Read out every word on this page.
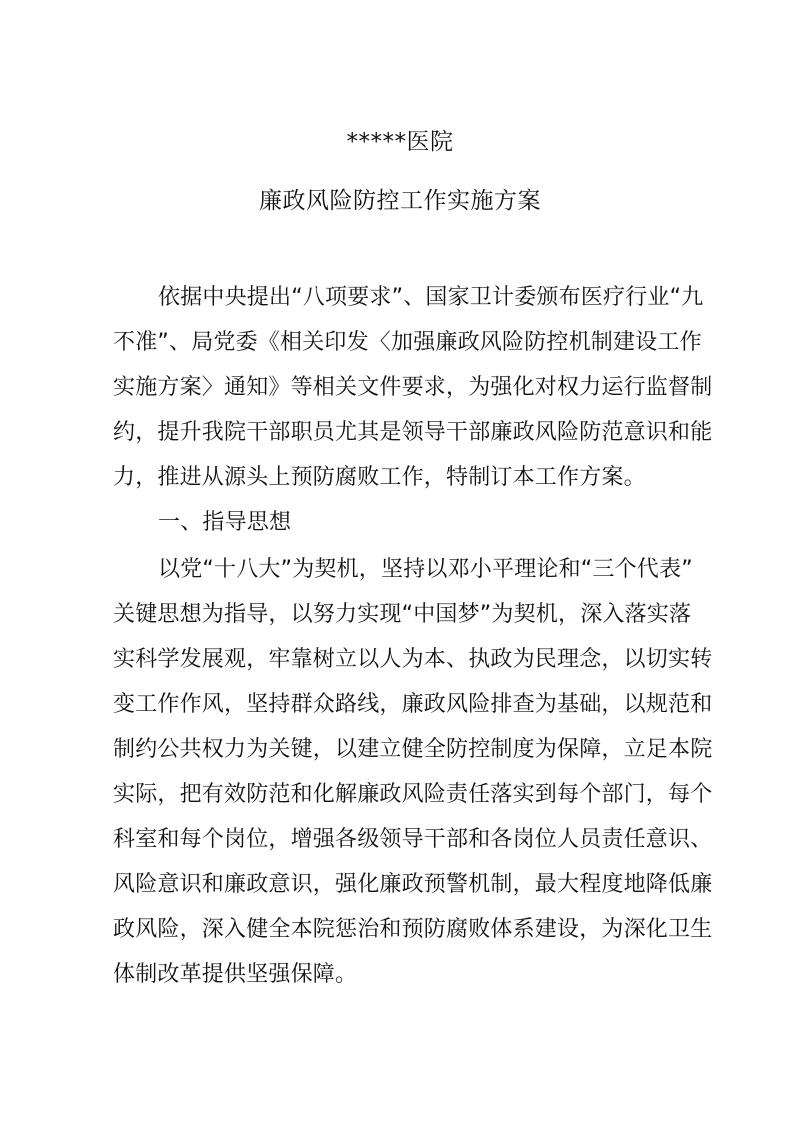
*****医院
廉政风险防控工作实施方案
依据中央提出“八项要求”、国家卫计委颁布医疗行业“九
不准”、局党委《相关印发〈加强廉政风险防控机制建设工作
实施方案〉通知》等相关文件要求，为强化对权力运行监督制
约，提升我院干部职员尤其是领导干部廉政风险防范意识和能
力，推进从源头上预防腐败工作，特制订本工作方案。
一、指导思想
以党“十八大”为契机，坚持以邓小平理论和“三个代表”
关键思想为指导，以努力实现“中国梦”为契机，深入落实落
实科学发展观，牢靠树立以人为本、执政为民理念，以切实转
变工作作风，坚持群众路线，廉政风险排查为基础，以规范和
制约公共权力为关键，以建立健全防控制度为保障，立足本院
实际，把有效防范和化解廉政风险责任落实到每个部门，每个
科室和每个岗位，增强各级领导干部和各岗位人员责任意识、
风险意识和廉政意识，强化廉政预警机制，最大程度地降低廉
政风险，深入健全本院惩治和预防腐败体系建设，为深化卫生
体制改革提供坚强保障。
